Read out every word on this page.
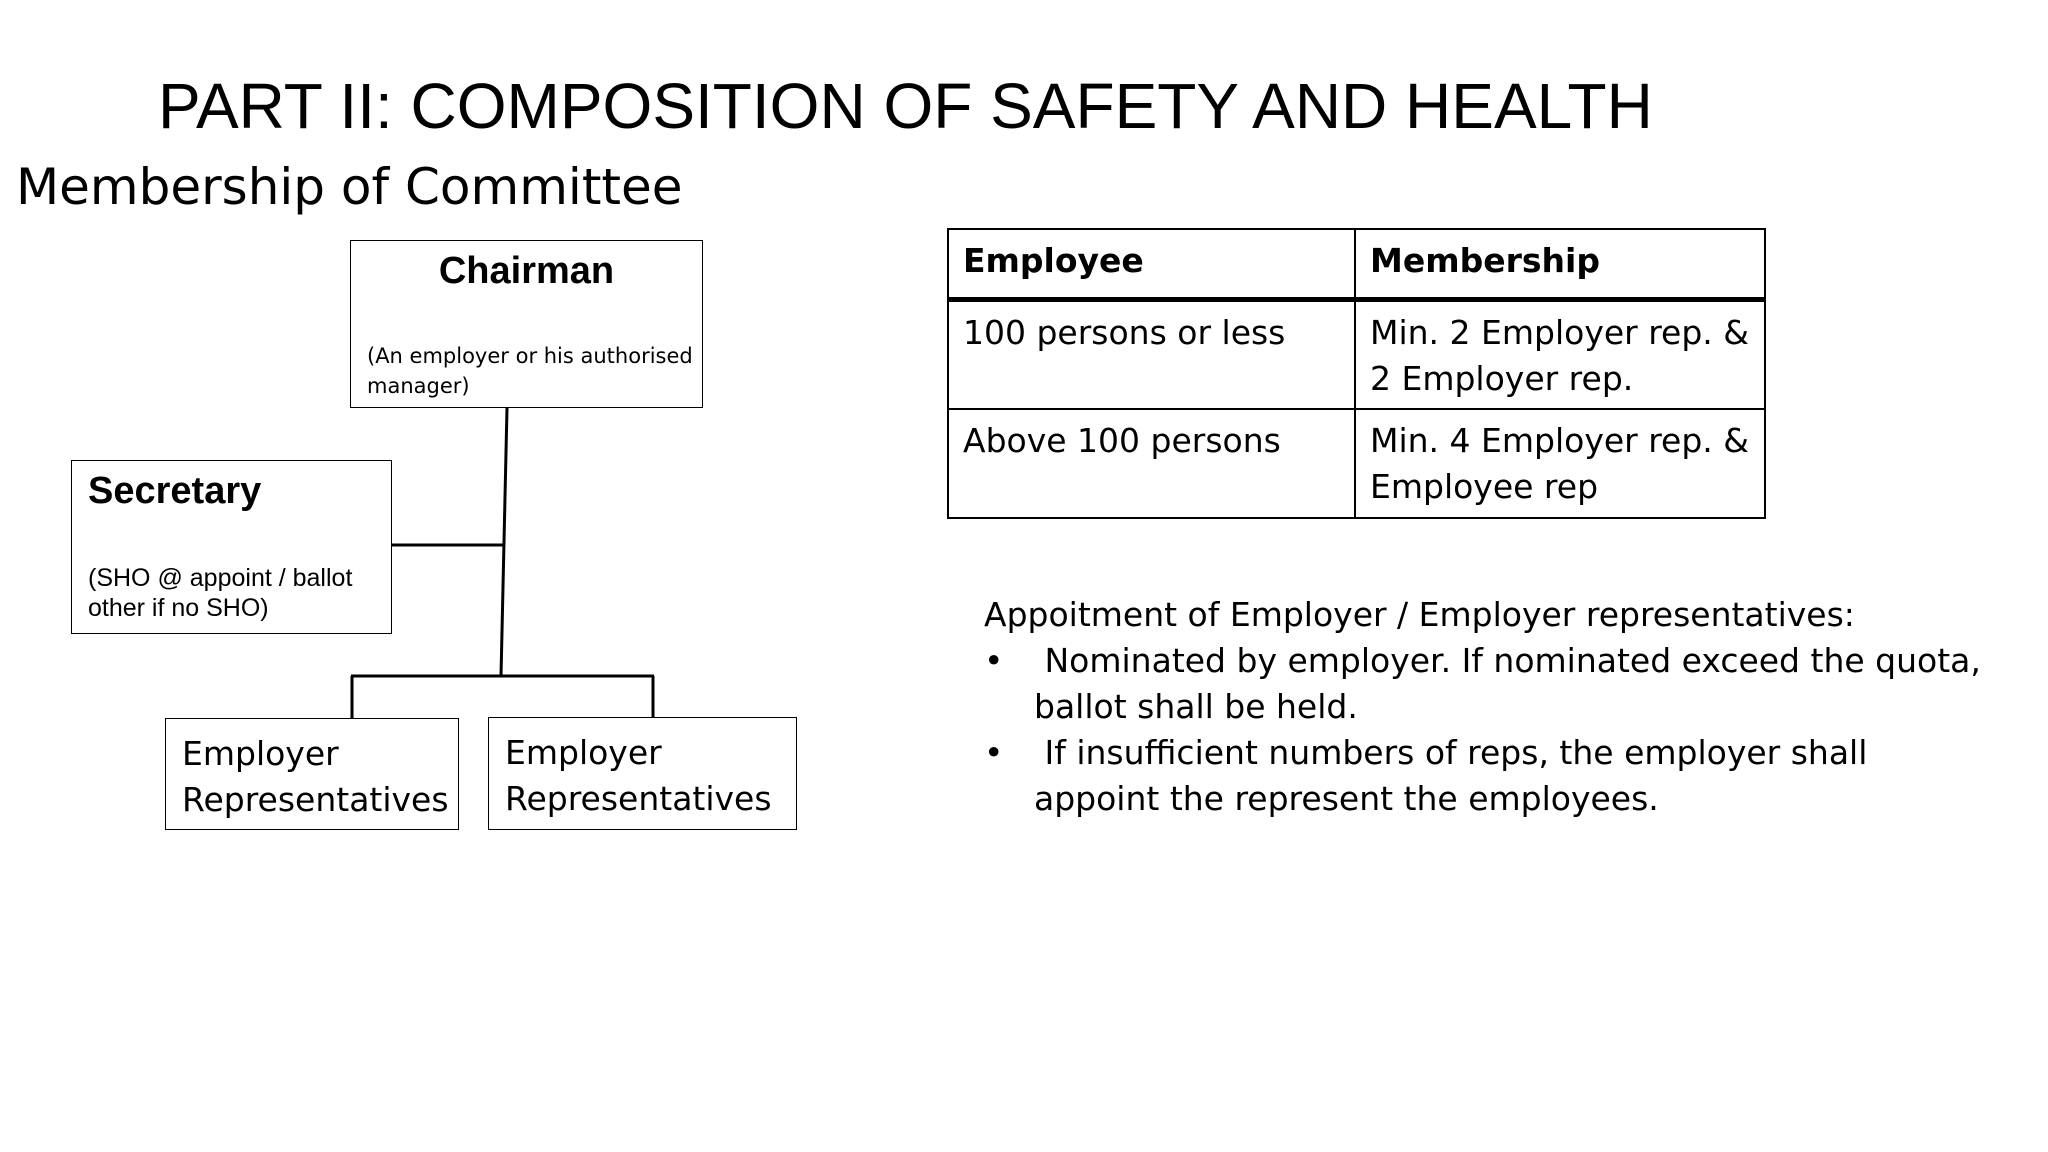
PART II: COMPOSITION OF SAFETY AND HEALTH
Membership of Committee
Chairman
(An employer or his authorised
manager)
Secretary
(SHO @ appoint / ballot
other if no SHO)
Employer
Representatives
Employer
Representatives
Employee	Membership
100 persons or less	Min. 2 Employer rep. &
2 Employer rep.

Above 100 persons	Min. 4 Employer rep. &
Employee rep
Appoitment of Employer / Employer representatives:
• Nominated by employer. If nominated exceed the quota,
ballot shall be held.
• If insufficient numbers of reps, the employer shall
appoint the represent the employees.
